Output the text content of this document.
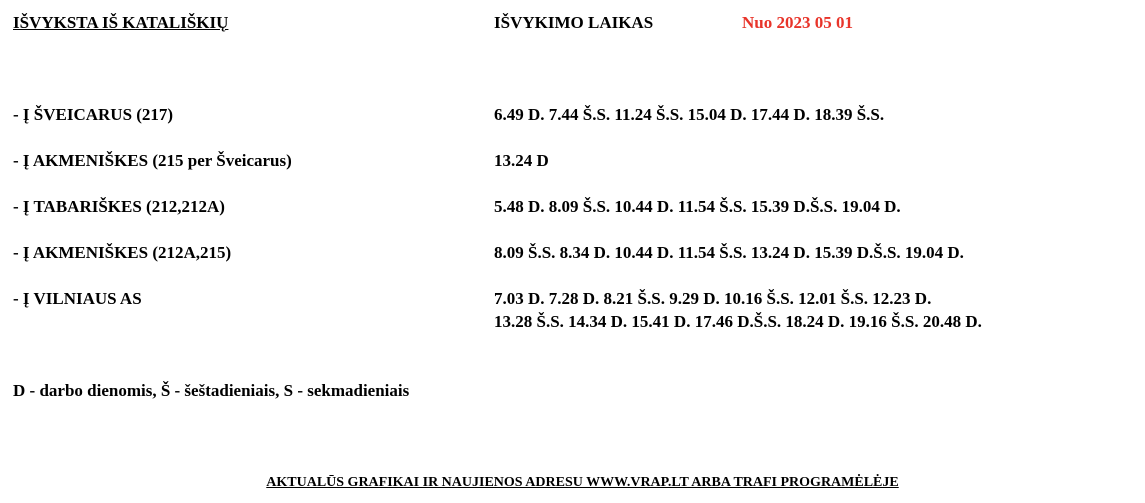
IŠVYKSTA IŠ KATALIŠKIŲ	IŠVYKIMO LAIKAS	Nuo 2023 05 01
- Į ŠVEICARUS (217)	6.49 D. 7.44 Š.S. 11.24 Š.S. 15.04 D. 17.44 D. 18.39 Š.S.
- Į AKMENIŠKES (215 per Šveicarus)	13.24 D
- Į TABARIŠKES (212,212A)	5.48 D. 8.09 Š.S. 10.44 D. 11.54 Š.S. 15.39 D.Š.S. 19.04 D.
- Į AKMENIŠKES (212A,215)	8.09 Š.S. 8.34 D. 10.44 D. 11.54 Š.S. 13.24 D. 15.39 D.Š.S. 19.04 D.
- Į VILNIAUS AS	7.03 D. 7.28 D. 8.21 Š.S. 9.29 D. 10.16 Š.S. 12.01 Š.S. 12.23 D.
13.28 Š.S. 14.34 D. 15.41 D. 17.46 D.Š.S. 18.24 D. 19.16 Š.S. 20.48 D.
D - darbo dienomis, Š - šeštadieniais, S - sekmadieniais
AKTUALŪS GRAFIKAI IR NAUJIENOS ADRESU WWW.VRAP.LT ARBA TRAFI PROGRAMĖLĖJE
